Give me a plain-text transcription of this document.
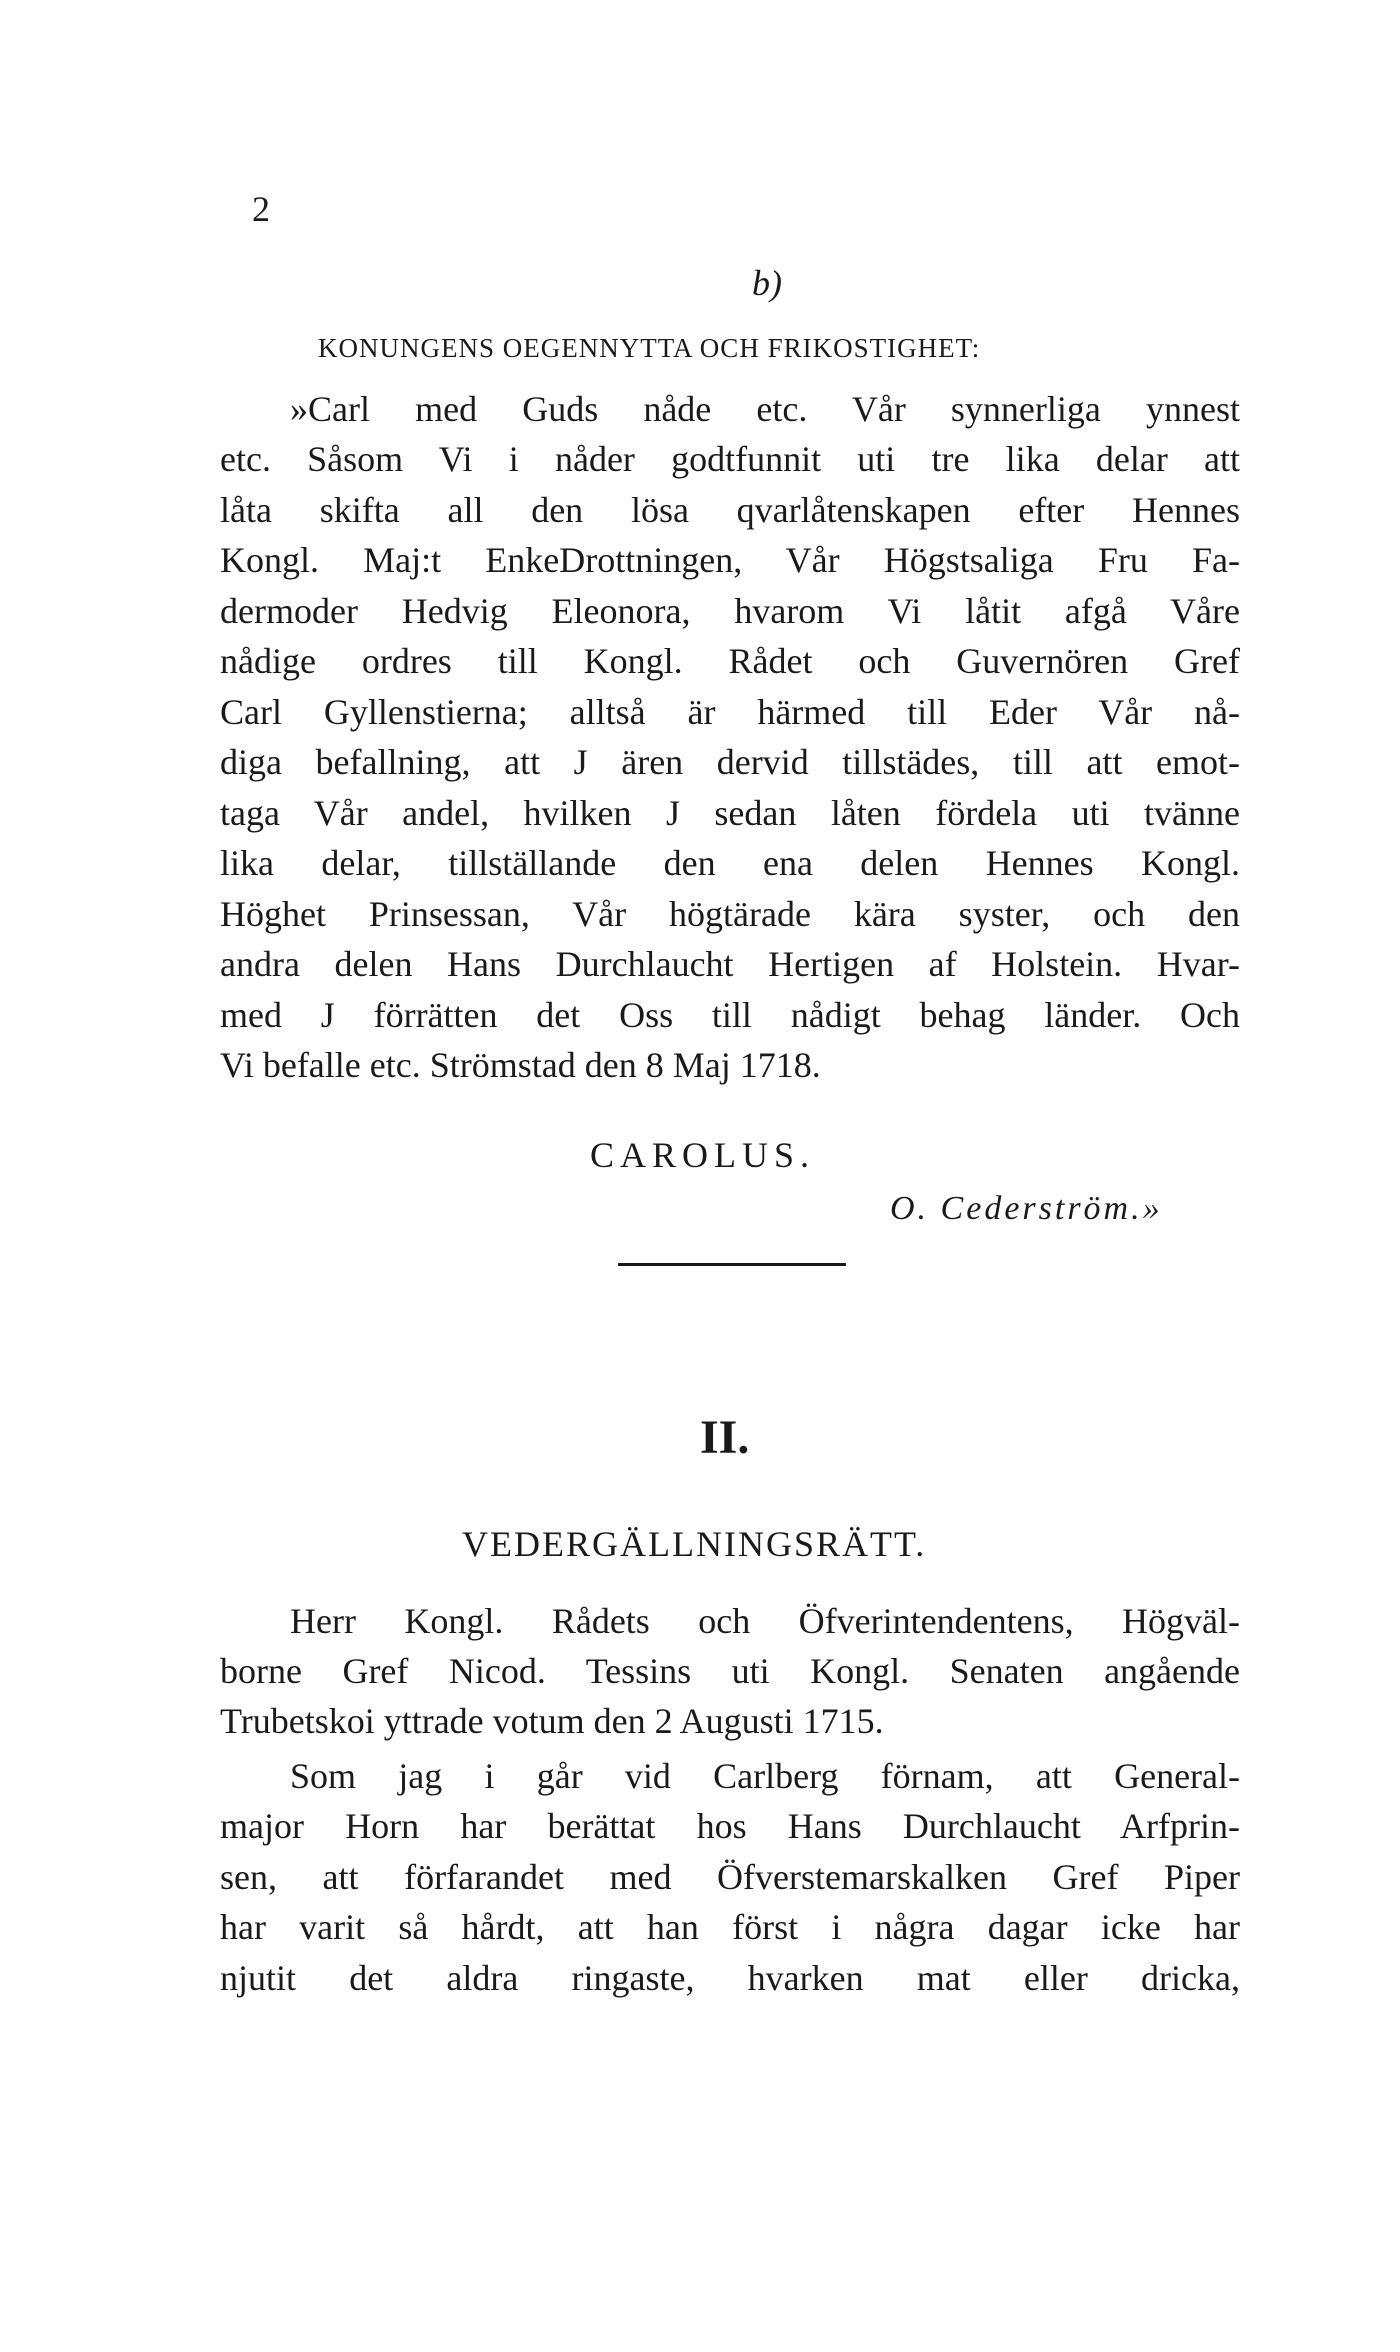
2
b)
KONUNGENS OEGENNYTTA OCH FRIKOSTIGHET:
»Carl med Guds nåde etc. Vår synnerliga ynnest
etc. Såsom Vi i nåder godtfunnit uti tre lika delar att
låta skifta all den lösa qvarlåtenskapen efter Hennes
Kongl. Maj:t EnkeDrottningen, Vår Högstsaliga Fru Fa-
dermoder Hedvig Eleonora, hvarom Vi låtit afgå Våre
nådige ordres till Kongl. Rådet och Guvernören Gref
Carl Gyllenstierna; alltså är härmed till Eder Vår nå-
diga befallning, att J ären dervid tillstädes, till att emot-
taga Vår andel, hvilken J sedan låten fördela uti tvänne
lika delar, tillställande den ena delen Hennes Kongl.
Höghet Prinsessan, Vår högtärade kära syster, och den
andra delen Hans Durchlaucht Hertigen af Holstein. Hvar-
med J förrätten det Oss till nådigt behag länder. Och
Vi befalle etc. Strömstad den 8 Maj 1718.
CAROLUS.
O. Cederström.»
II.
VEDERGÄLLNINGSRÄTT.
Herr Kongl. Rådets och Öfverintendentens, Högväl-
borne Gref Nicod. Tessins uti Kongl. Senaten angående
Trubetskoi yttrade votum den 2 Augusti 1715.
Som jag i går vid Carlberg förnam, att General-
major Horn har berättat hos Hans Durchlaucht Arfprin-
sen, att förfarandet med Öfverstemarskalken Gref Piper
har varit så hårdt, att han först i några dagar icke har
njutit det aldra ringaste, hvarken mat eller dricka,
